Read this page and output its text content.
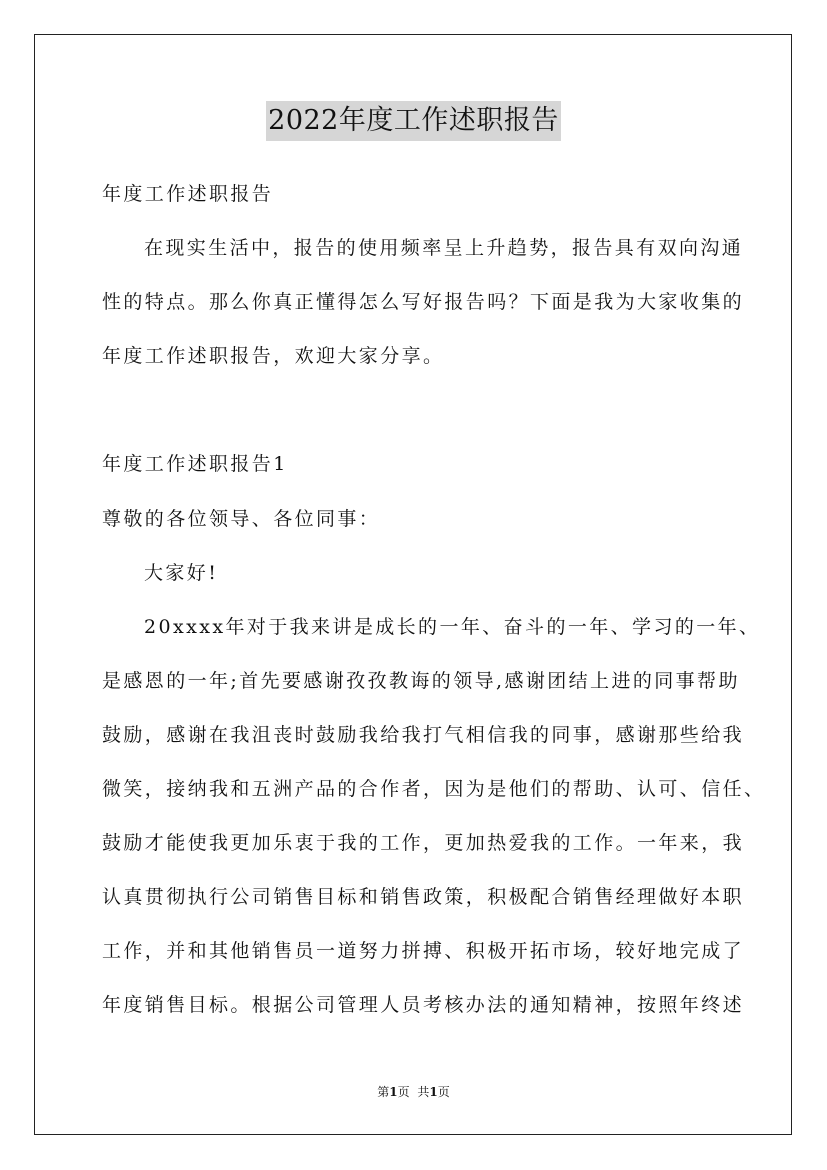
2022年度工作述职报告
年度工作述职报告
在现实生活中，报告的使用频率呈上升趋势，报告具有双向沟通
性的特点。那么你真正懂得怎么写好报告吗？下面是我为大家收集的
年度工作述职报告，欢迎大家分享。
年度工作述职报告1
尊敬的各位领导、各位同事：
大家好!
20xxxx年对于我来讲是成长的一年、奋斗的一年、学习的一年、
是感恩的一年;首先要感谢孜孜教诲的领导,感谢团结上进的同事帮助
鼓励，感谢在我沮丧时鼓励我给我打气相信我的同事，感谢那些给我
微笑，接纳我和五洲产品的合作者，因为是他们的帮助、认可、信任、
鼓励才能使我更加乐衷于我的工作，更加热爱我的工作。一年来，我
认真贯彻执行公司销售目标和销售政策，积极配合销售经理做好本职
工作，并和其他销售员一道努力拼搏、积极开拓市场，较好地完成了
年度销售目标。根据公司管理人员考核办法的通知精神，按照年终述
第1页 共1页
